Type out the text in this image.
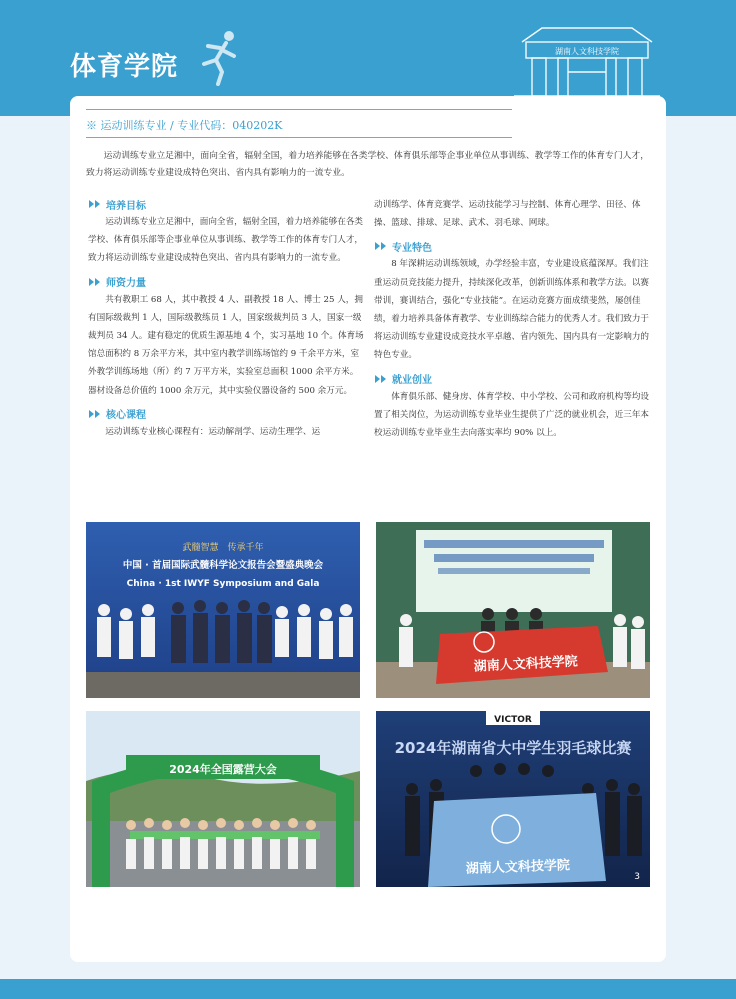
体育学院
湖南人文科技学院
※ 运动训练专业 / 专业代码：040202K

运动训练专业立足湘中，面向全省，辐射全国，着力培养能够在各类学校、体育俱乐部等企事业单位从事训练、教学等工作的体育专门人才，致力将运动训练专业建设成特色突出、省内具有影响力的一流专业。

培养目标

运动训练专业立足湘中，面向全省，辐射全国，着力培养能够在各类学校、体育俱乐部等企事业单位从事训练、教学等工作的体育专门人才，致力将运动训练专业建设成特色突出、省内具有影响力的一流专业。

师资力量

共有教职工 68 人，其中教授 4 人、副教授 18 人、博士 25 人，拥有国际级裁判 1 人，国际级教练员 1 人，国家级裁判员 3 人，国家一级裁判员 34 人。建有稳定的优质生源基地 4 个，实习基地 10 个。体育场馆总面积约 8 万余平方米，其中室内教学训练场馆约 9 千余平方米，室外教学训练场地（所）约 7 万平方米，实验室总面积 1000 余平方米。器材设备总价值约 1000 余万元，其中实验仪器设备约 500 余万元。

核心课程

运动训练专业核心课程有：运动解剖学、运动生理学、运

动训练学、体育竞赛学、运动技能学习与控制、体育心理学、田径、体操、篮球、排球、足球、武术、羽毛球、网球。

专业特色

8 年深耕运动训练领域，办学经验丰富，专业建设底蕴深厚。我们注重运动员竞技能力提升，持续深化改革，创新训练体系和教学方法。以赛带训，赛训结合，强化“专业技能”。在运动竞赛方面成绩斐然，屡创佳绩，着力培养具备体育教学、专业训练综合能力的优秀人才。我们致力于将运动训练专业建设成竞技水平卓越、省内领先、国内具有一定影响力的特色专业。

就业创业

体育俱乐部、健身房、体育学校、中小学校、公司和政府机构等均设置了相关岗位，为运动训练专业毕业生提供了广泛的就业机会，近三年本校运动训练专业毕业生去向落实率均 90% 以上。

武髓智慧　传承千年
中国 · 首届国际武髓科学论文报告会暨盛典晚会
China · 1st IWYF Symposium and Gala
湖南人文科技学院
2024年全国露营大会
VICTOR
2024年湖南省大中学生羽毛球比赛
湖南人文科技学院
3
